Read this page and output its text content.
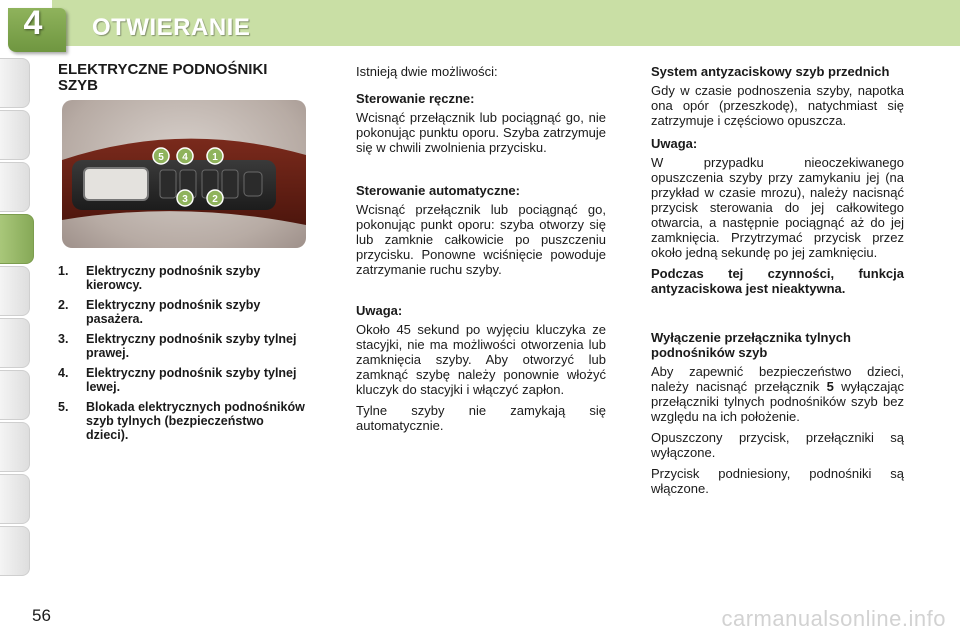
4	OTWIERANIE
ELEKTRYCZNE PODNOŚNIKI
SZYB
5 4 1
3 2
1.	Elektryczny podnośnik szyby kierowcy.
2.	Elektryczny podnośnik szyby pasażera.
3.	Elektryczny podnośnik szyby tylnej prawej.
4.	Elektryczny podnośnik szyby tylnej lewej.
5.	Blokada elektrycznych podnośników szyb tylnych (bezpieczeństwo dzieci).

Istnieją dwie możliwości:

Sterowanie ręczne:

Wcisnąć przełącznik lub pociągnąć go, nie pokonując punktu oporu. Szyba zatrzymuje się w chwili zwolnienia przycisku.

Sterowanie automatyczne:

Wcisnąć przełącznik lub pociągnąć go, pokonując punkt oporu: szyba otworzy się lub zamknie całkowicie po puszczeniu przycisku. Ponowne wciśnięcie powoduje zatrzymanie ruchu szyby.

Uwaga:

Około 45 sekund po wyjęciu kluczyka ze stacyjki, nie ma możliwości otworzenia lub zamknięcia szyby. Aby otworzyć lub zamknąć szybę należy ponownie włożyć kluczyk do stacyjki i włączyć zapłon.

Tylne szyby nie zamykają się automatycznie.

System antyzaciskowy szyb przednich

Gdy w czasie podnoszenia szyby, napotka ona opór (przeszkodę), natychmiast się zatrzymuje i częściowo opuszcza.

Uwaga:

W przypadku nieoczekiwanego opuszczenia szyby przy zamykaniu jej (na przykład w czasie mrozu), należy nacisnąć przycisk sterowania do jej całkowitego otwarcia, a następnie pociągnąć aż do jej zamknięcia. Przytrzymać przycisk przez około jedną sekundę po jej zamknięciu.

Podczas tej czynności, funkcja antyzaciskowa jest nieaktywna.

Wyłączenie przełącznika tylnych podnośników szyb

Aby zapewnić bezpieczeństwo dzieci, należy nacisnąć przełącznik 5 wyłączając przełączniki tylnych podnośników szyb bez względu na ich położenie.

Opuszczony przycisk, przełączniki są wyłączone.

Przycisk podniesiony, podnośniki są włączone.

56	carmanualsonline.info
